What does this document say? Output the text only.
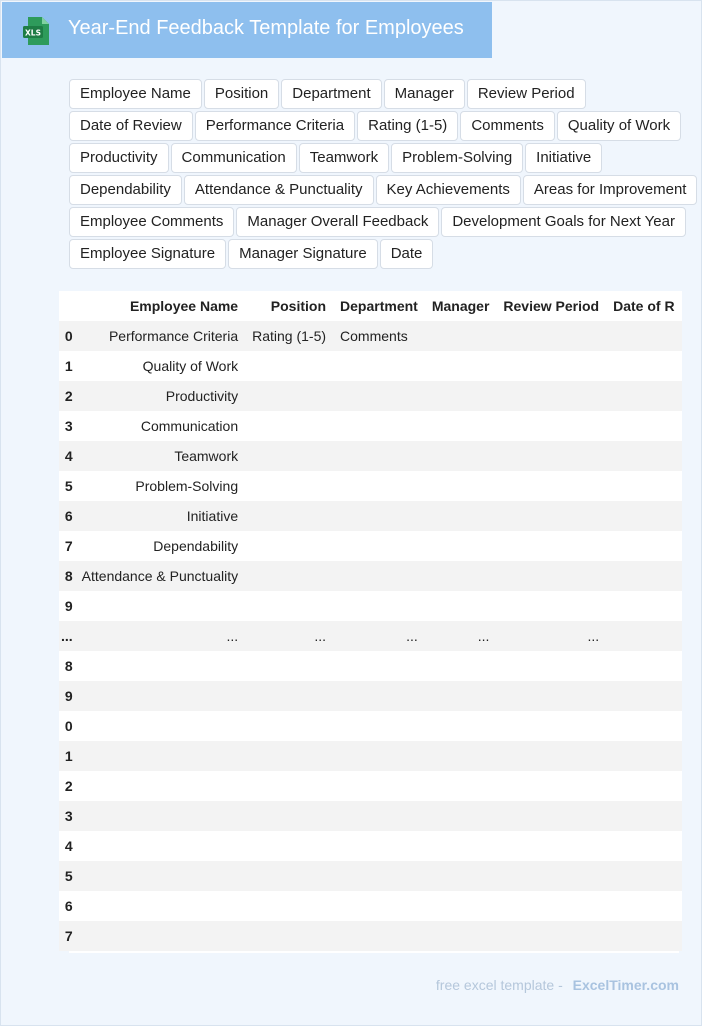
XLS Year-End Feedback Template for Employees
Employee Name	Position	Department	Manager	Review Period
Date of Review	Performance Criteria	Rating (1-5)	Comments	Quality of Work
Productivity	Communication	Teamwork	Problem-Solving	Initiative
Dependability	Attendance & Punctuality	Key Achievements	Areas for Improvement
Employee Comments	Manager Overall Feedback	Development Goals for Next Year
Employee Signature	Manager Signature	Date
	Employee Name	Position	Department	Manager	Review Period	Date of R
0	Performance Criteria	Rating (1-5)	Comments			
1	Quality of Work					
2	Productivity					
3	Communication					
4	Teamwork					
5	Problem-Solving					
6	Initiative					
7	Dependability					
8	Attendance & Punctuality					
9						
...	...	...	...	...	...	
8						
9						
0						
1						
2						
3						
4						
5						
6						
7						
free excel template - ExcelTimer.com
